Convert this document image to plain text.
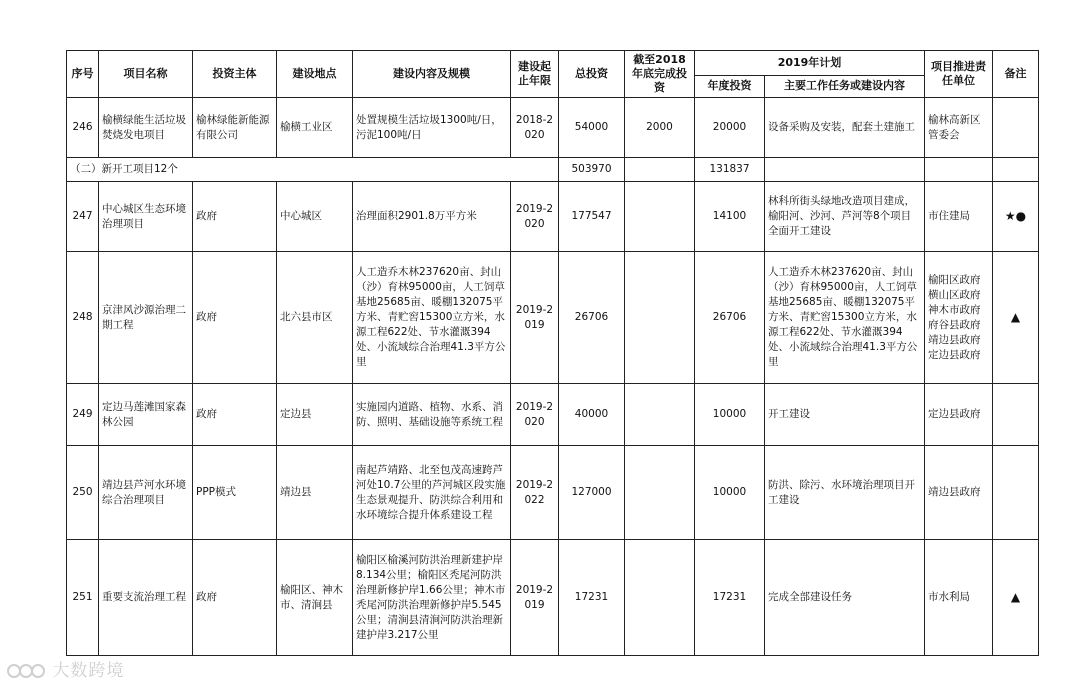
序号	项目名称	投资主体	建设地点	建设内容及规模	建设起止年限	总投资	截至2018年底完成投资	2019年计划		项目推进责任单位	备注
								年度投资	主要工作任务或建设内容		
246	榆横绿能生活垃圾焚烧发电项目	榆林绿能新能源有限公司	榆横工业区	处置规模生活垃圾1300吨/日，污泥100吨/日	2018-2020	54000	2000	20000	设备采购及安装，配套土建施工	榆林高新区管委会	
（二）新开工项目12个						503970		131837			
247	中心城区生态环境治理项目	政府	中心城区	治理面积2901.8万平方米	2019-2020	177547		14100	林科所街头绿地改造项目建成，榆阳河、沙河、芦河等8个项目全面开工建设	市住建局	★●
248	京津风沙源治理二期工程	政府	北六县市区	人工造乔木林237620亩、封山（沙）育林95000亩，人工饲草基地25685亩、暖棚132075平方米、青贮窖15300立方米，水源工程622处、节水灌溉394处、小流域综合治理41.3平方公里	2019-2019	26706		26706	人工造乔木林237620亩、封山（沙）育林95000亩，人工饲草基地25685亩、暖棚132075平方米、青贮窖15300立方米，水源工程622处、节水灌溉394处、小流域综合治理41.3平方公里	榆阳区政府横山区政府神木市政府府谷县政府靖边县政府定边县政府	▲
249	定边马莲滩国家森林公园	政府	定边县	实施园内道路、植物、水系、消防、照明、基础设施等系统工程	2019-2020	40000		10000	开工建设	定边县政府	
250	靖边县芦河水环境综合治理项目	PPP模式	靖边县	南起芦靖路、北至包茂高速跨芦河处10.7公里的芦河城区段实施生态景观提升、防洪综合利用和水环境综合提升体系建设工程	2019-2022	127000		10000	防洪、除污、水环境治理项目开工建设	靖边县政府	
251	重要支流治理工程	政府	榆阳区、神木市、清涧县	榆阳区榆溪河防洪治理新建护岸8.134公里；榆阳区秃尾河防洪治理新修护岸1.66公里；神木市秃尾河防洪治理新修护岸5.545公里；清涧县清涧河防洪治理新建护岸3.217公里	2019-2019	17231		17231	完成全部建设任务	市水利局	▲
大数跨境
